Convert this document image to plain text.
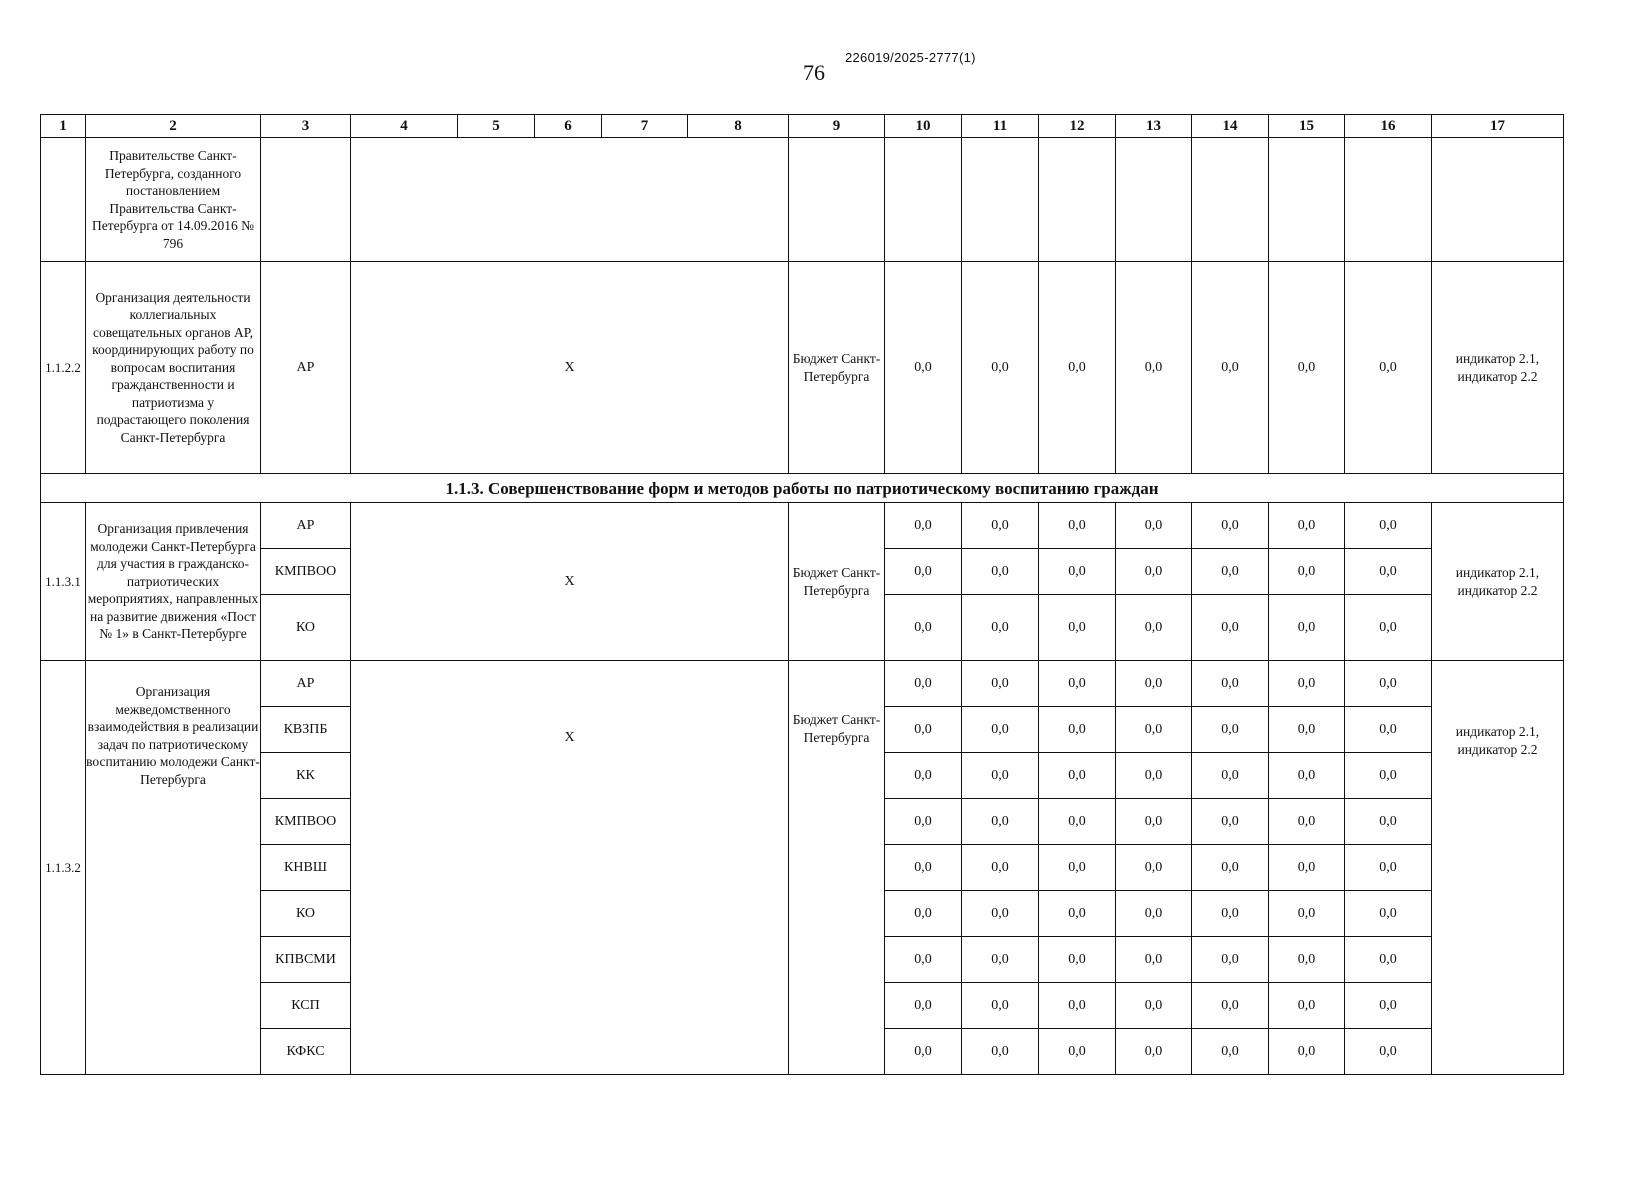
76
226019/2025-2777(1)
1	2	3	4	5	6	7	8	9	10	11	12	13	14	15	16	17
	Правительстве Санкт-Петербурга, созданного постановлением Правительства Санкт-Петербурга от 14.09.2016 № 796															
1.1.2.2	Организация деятельности коллегиальных совещательных органов АР, координирующих работу по вопросам воспитания гражданственности и патриотизма у подрастающего поколения Санкт-Петербурга	АР	Х					Бюджет Санкт-Петербурга	0,0	0,0	0,0	0,0	0,0	0,0	0,0	индикатор 2.1, индикатор 2.2
1.1.3. Совершенствование форм и методов работы по патриотическому воспитанию граждан																
1.1.3.1	Организация привлечения молодежи Санкт-Петербурга для участия в гражданско-патриотических мероприятиях, направленных на развитие движения «Пост № 1» в Санкт-Петербурге	АР	Х					Бюджет Санкт-Петербурга	0,0	0,0	0,0	0,0	0,0	0,0	0,0	индикатор 2.1, индикатор 2.2
		КМПВОО							0,0	0,0	0,0	0,0	0,0	0,0	0,0	
		КО							0,0	0,0	0,0	0,0	0,0	0,0	0,0	
1.1.3.2	Организация межведомственного взаимодействия в реализации задач по патриотическому воспитанию молодежи Санкт-Петербурга	АР	Х					Бюджет Санкт-Петербурга	0,0	0,0	0,0	0,0	0,0	0,0	0,0	индикатор 2.1, индикатор 2.2
		КВЗПБ							0,0	0,0	0,0	0,0	0,0	0,0	0,0	
		КК							0,0	0,0	0,0	0,0	0,0	0,0	0,0	
		КМПВОО							0,0	0,0	0,0	0,0	0,0	0,0	0,0	
		КНВШ							0,0	0,0	0,0	0,0	0,0	0,0	0,0	
		КО							0,0	0,0	0,0	0,0	0,0	0,0	0,0	
		КПВСМИ							0,0	0,0	0,0	0,0	0,0	0,0	0,0	
		КСП							0,0	0,0	0,0	0,0	0,0	0,0	0,0	
		КФКС							0,0	0,0	0,0	0,0	0,0	0,0	0,0	
